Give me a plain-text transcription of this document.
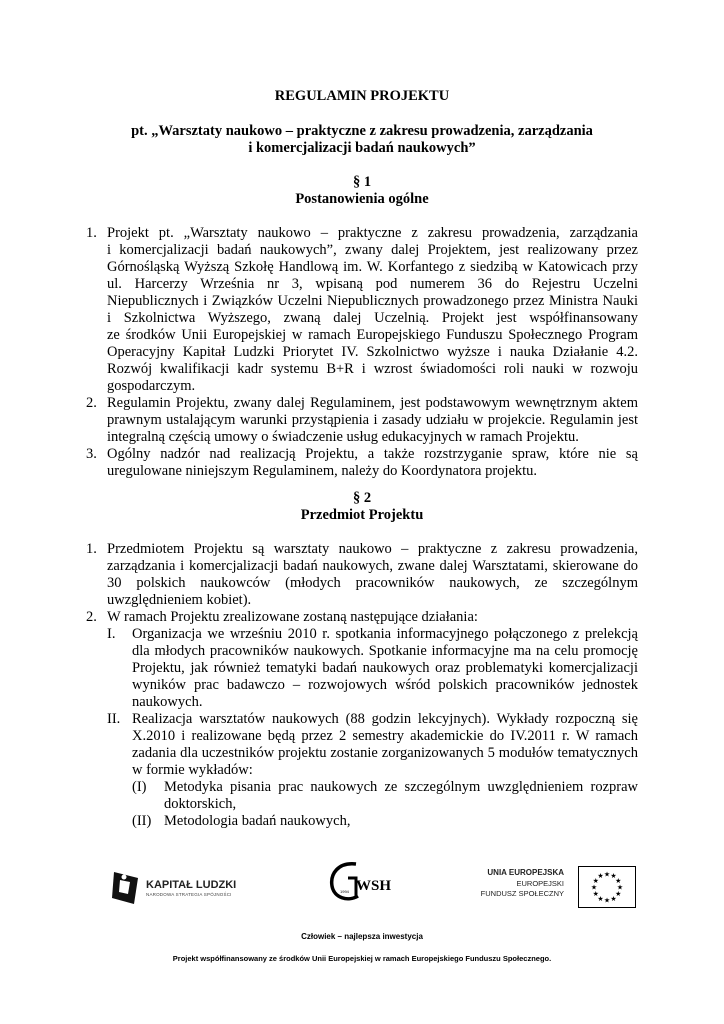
REGULAMIN PROJEKTU
pt. „Warsztaty naukowo – praktyczne z zakresu prowadzenia, zarządzania
i komercjalizacji badań naukowych”
§ 1
Postanowienia ogólne
1. Projekt pt. „Warsztaty naukowo – praktyczne z zakresu prowadzenia, zarządzania
i komercjalizacji badań naukowych”, zwany dalej Projektem, jest realizowany przez
Górnośląską Wyższą Szkołę Handlową im. W. Korfantego z siedzibą w Katowicach przy
ul. Harcerzy Września nr 3, wpisaną pod numerem 36 do Rejestru Uczelni
Niepublicznych i Związków Uczelni Niepublicznych prowadzonego przez Ministra Nauki
i Szkolnictwa Wyższego, zwaną dalej Uczelnią. Projekt jest współfinansowany
ze środków Unii Europejskiej w ramach Europejskiego Funduszu Społecznego Program
Operacyjny Kapitał Ludzki Priorytet IV. Szkolnictwo wyższe i nauka Działanie 4.2.
Rozwój kwalifikacji kadr systemu B+R i wzrost świadomości roli nauki w rozwoju
gospodarczym.
2. Regulamin Projektu, zwany dalej Regulaminem, jest podstawowym wewnętrznym aktem
prawnym ustalającym warunki przystąpienia i zasady udziału w projekcie. Regulamin jest
integralną częścią umowy o świadczenie usług edukacyjnych w ramach Projektu.
3. Ogólny nadzór nad realizacją Projektu, a także rozstrzyganie spraw, które nie są
uregulowane niniejszym Regulaminem, należy do Koordynatora projektu.
§ 2
Przedmiot Projektu
1. Przedmiotem Projektu są warsztaty naukowo – praktyczne z zakresu prowadzenia,
zarządzania i komercjalizacji badań naukowych, zwane dalej Warsztatami, skierowane do
30 polskich naukowców (młodych pracowników naukowych, ze szczególnym
uwzględnieniem kobiet).
2. W ramach Projektu zrealizowane zostaną następujące działania:
I. Organizacja we wrześniu 2010 r. spotkania informacyjnego połączonego z prelekcją
dla młodych pracowników naukowych. Spotkanie informacyjne ma na celu promocję
Projektu, jak również tematyki badań naukowych oraz problematyki komercjalizacji
wyników prac badawczo – rozwojowych wśród polskich pracowników jednostek
naukowych.
II. Realizacja warsztatów naukowych (88 godzin lekcyjnych). Wykłady rozpoczną się
X.2010 i realizowane będą przez 2 semestry akademickie do IV.2011 r. W ramach
zadania dla uczestników projektu zostanie zorganizowanych 5 modułów tematycznych
w formie wykładów:
(I) Metodyka pisania prac naukowych ze szczególnym uwzględnieniem rozpraw
doktorskich,
(II) Metodologia badań naukowych,
KAPITAŁ LUDZKI
NARODOWA STRATEGIA SPÓJNOŚCI
WSH
1994
UNIA EUROPEJSKA
EUROPEJSKI
FUNDUSZ SPOŁECZNY
★
★
★
★
★
★
★
★
★ ★ ★
★
Człowiek – najlepsza inwestycja
Projekt współfinansowany ze środków Unii Europejskiej w ramach Europejskiego Funduszu Społecznego.
